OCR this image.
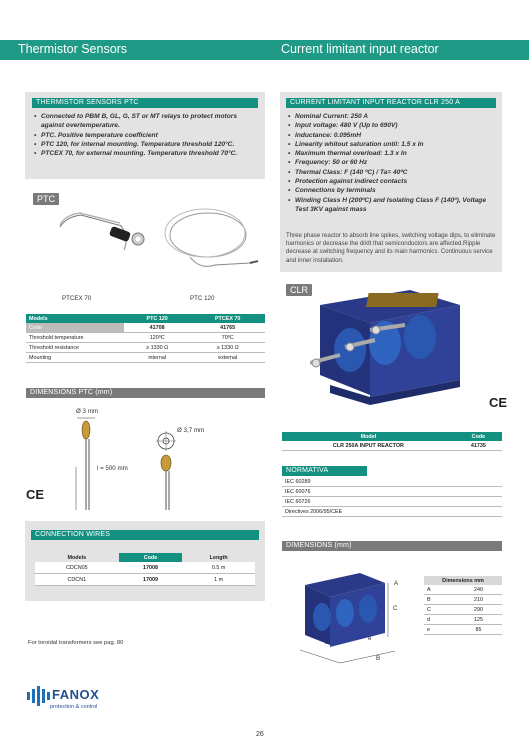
Thermistor Sensors	Current limitant input reactor
THERMISTOR SENSORS PTC
• Connected to PBM B, GL, G, ST or MT relays to protect motors against overtemperature.
• PTC. Positive temperature coefficient
• PTC 120, for internal mounting. Temperature threshold 120°C.
• PTCEX 70, for external mounting. Temperature threshold 70°C.
PTC
PTCEX 70	PTC 120
Models	PTC 120	PTCEX 70
Code	41708	41765
Threshold temperature	120ºC	70ºC
Threshold resistance	≥ 1330 Ω	≥ 1330 Ω
Mounting	internal	external
DIMENSIONS PTC (mm)
Ø 3 mm
Ø 3,7 mm
l = 500 mm
CE
CONNECTION WIRES
Models	Code	Length
CDCN05	17008	0.5 m
CDCN1	17009	1 m
For toroidal transformers see pag. 80
CURRENT LIMITANT INPUT REACTOR CLR 250 A
• Nominal Current: 250 A
• Input voltage: 480 V (Up to 690V)
• Inductance: 0.095mH
• Linearity whitout saturation until: 1.5 x In
• Maximum thermal overload: 1.3 x In
• Frequency: 50 or 60 Hz
• Thermal Class: F (140 ºC) / Ta= 40ºC
• Protection against indirect contacts
• Connections by terminals
• Winding Class H (200ºC) and Isolating Class F (140º), Voltage Test 3KV against mass
Three phase reactor to absorb line spikes, switching voltage dips, to eliminate harmonics or decrease the di/dt that semiconductors are affected.Ripple decrease at switching frequency and its main harmonics. Continuous service and inner installation.
CLR
CE
Model	Code
CLR 250A INPUT REACTOR	41735
NORMATIVA
IEC 60289
IEC 60076
IEC 60726
Directives 2006/95/CEE
DIMENSIONS (mm)
A
B
C
d
e
Dimensions mm	
A	240
B	210
C	290
d	125
e	85
FANOX
protection & control
26
